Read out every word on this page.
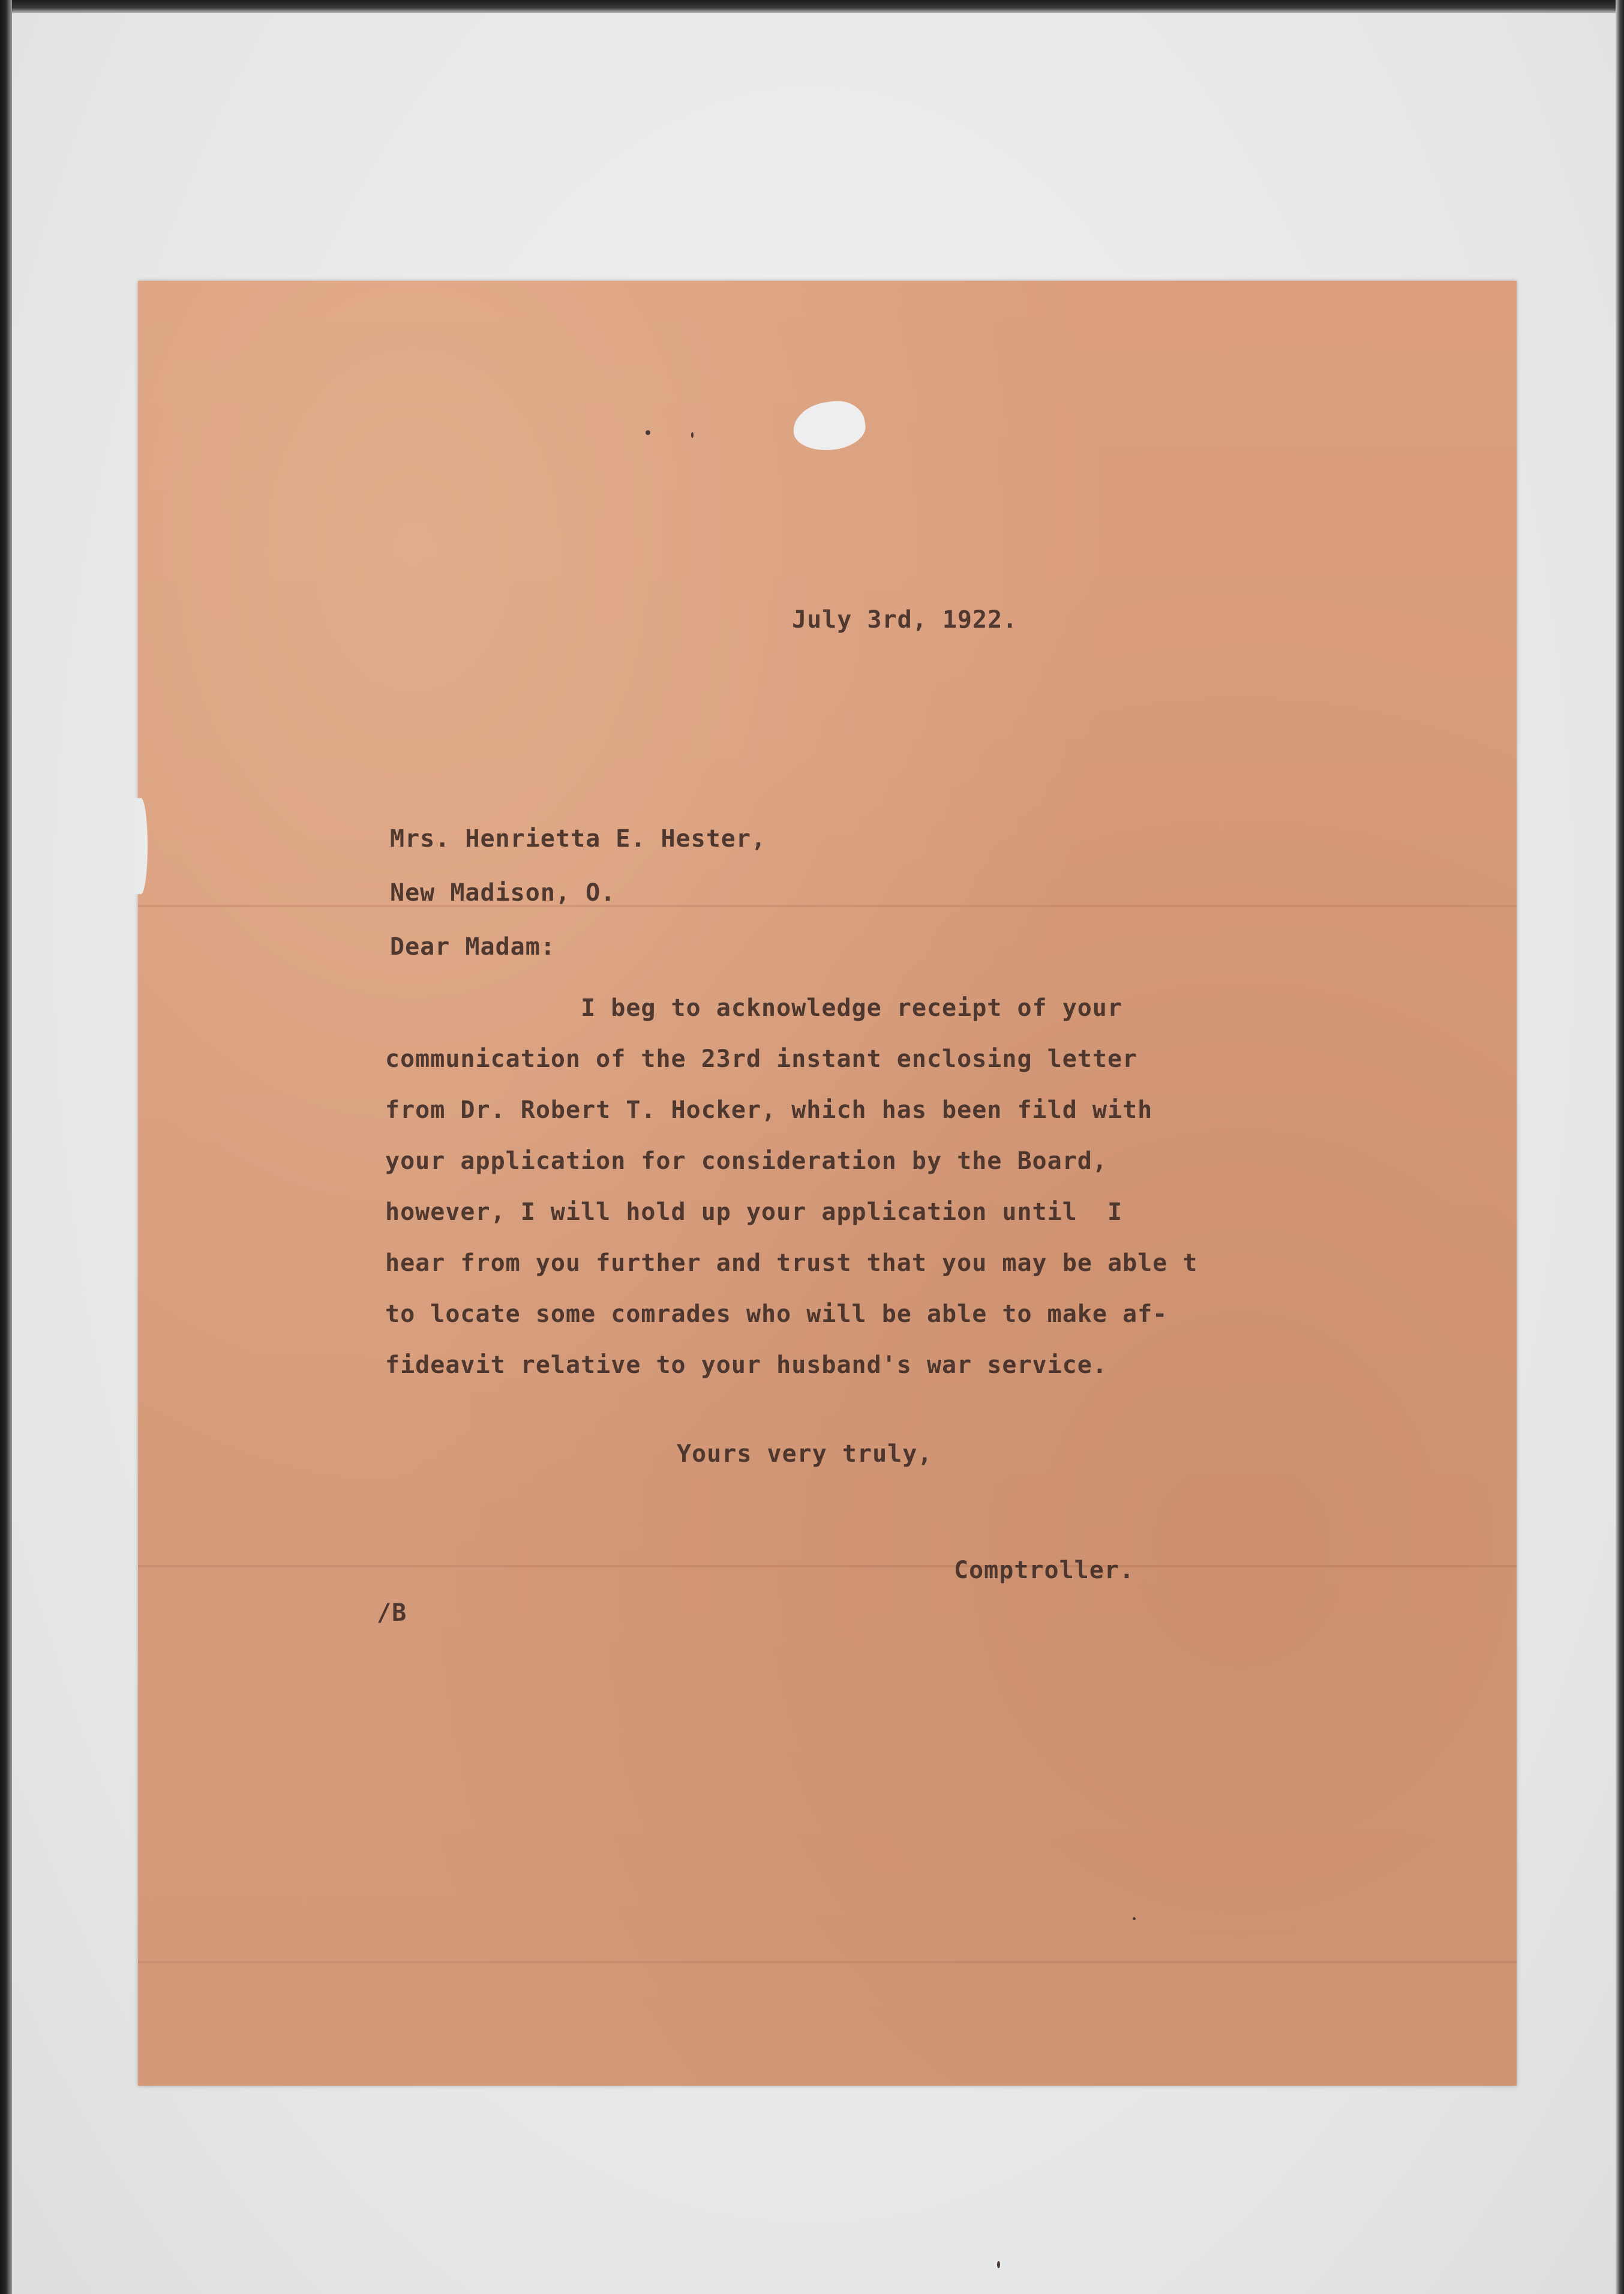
July 3rd, 1922.
Mrs. Henrietta E. Hester,
New Madison, O.
Dear Madam:
I beg to acknowledge receipt of your
communication of the 23rd instant enclosing letter
from Dr. Robert T. Hocker, which has been fild with
your application for consideration by the Board,
however, I will hold up your application until  I
hear from you further and trust that you may be able t
to locate some comrades who will be able to make af-
fideavit relative to your husband's war service.
Yours very truly,
Comptroller.
/B
